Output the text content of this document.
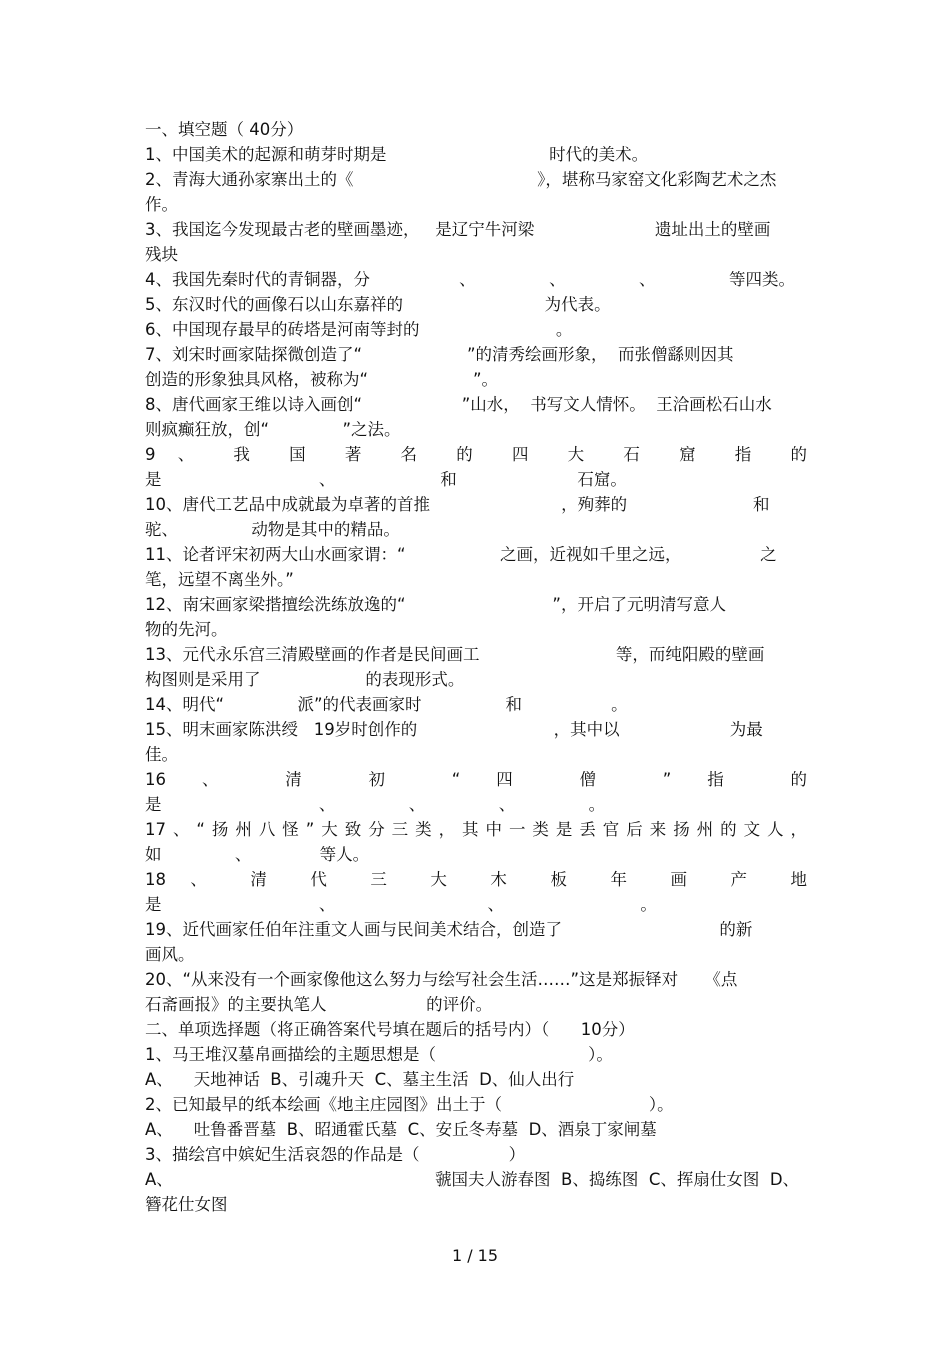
一、填空题（ 40分）
1、中国美术的起源和萌芽时期是                               时代的美术。
2、青海大通孙家寨出土的《                                   》，堪称马家窑文化彩陶艺术之杰
作。
3、我国迄今发现最古老的壁画墨迹，   是辽宁牛河梁                       遗址出土的壁画
残块
4、我国先秦时代的青铜器，分                 、              、              、              等四类。
5、东汉时代的画像石以山东嘉祥的                           为代表。
6、中国现存最早的砖塔是河南等封的                          。
7、刘宋时画家陆探微创造了“                    ”的清秀绘画形象，  而张僧繇则因其
创造的形象独具风格，被称为“                    ”。
8、唐代画家王维以诗入画创“                   ”山水，  书写文人情怀。  王洽画松石山水
则疯癫狂放，创“              ”之法。
9 、 我 国 著 名 的 四 大 石 窟 指 的
是                              、                    和                       石窟。
10、唐代工艺品中成就最为卓著的首推                         ，殉葬的                        和
驼、              动物是其中的精品。
11、论者评宋初两大山水画家谓：“                  之画，近视如千里之远，               之
笔，远望不离坐外。”
12、南宋画家梁揩擅绘洗练放逸的“                            ”，开启了元明清写意人
物的先河。
13、元代永乐宫三清殿壁画的作者是民间画工                          等，而纯阳殿的壁画
构图则是采用了                    的表现形式。
14、明代“              派”的代表画家时                和                 。
15、明末画家陈洪绶   19岁时创作的                          ，其中以                     为最
佳。
16 、 清 初 “ 四 僧 ” 指 的
是                              、              、              、              。
17、“扬州八怪”大致分三类，其中一类是丢官后来扬州的文人，
如              、             等人。
18 、 清 代 三 大 木 板 年 画 产 地
是                              、                             、                          。
19、近代画家任伯年注重文人画与民间美术结合，创造了                              的新
画风。
20、“从来没有一个画家像他这么努力与绘写社会生活……”这是郑振铎对     《点
石斋画报》的主要执笔人                   的评价。
二、单项选择题（将正确答案代号填在题后的括号内）（      10分）
1、马王堆汉墓帛画描绘的主题思想是（                             ）。
A、    天地神话  B、引魂升天  C、墓主生活  D、仙人出行
2、已知最早的纸本绘画《地主庄园图》出土于（                            ）。
A、    吐鲁番晋墓  B、昭通霍氏墓  C、安丘冬寿墓  D、酒泉丁家闸墓
3、描绘宫中嫔妃生活哀怨的作品是（                 ）
A、                                                  虢国夫人游春图  B、捣练图  C、挥扇仕女图  D、
簪花仕女图
1 / 15
